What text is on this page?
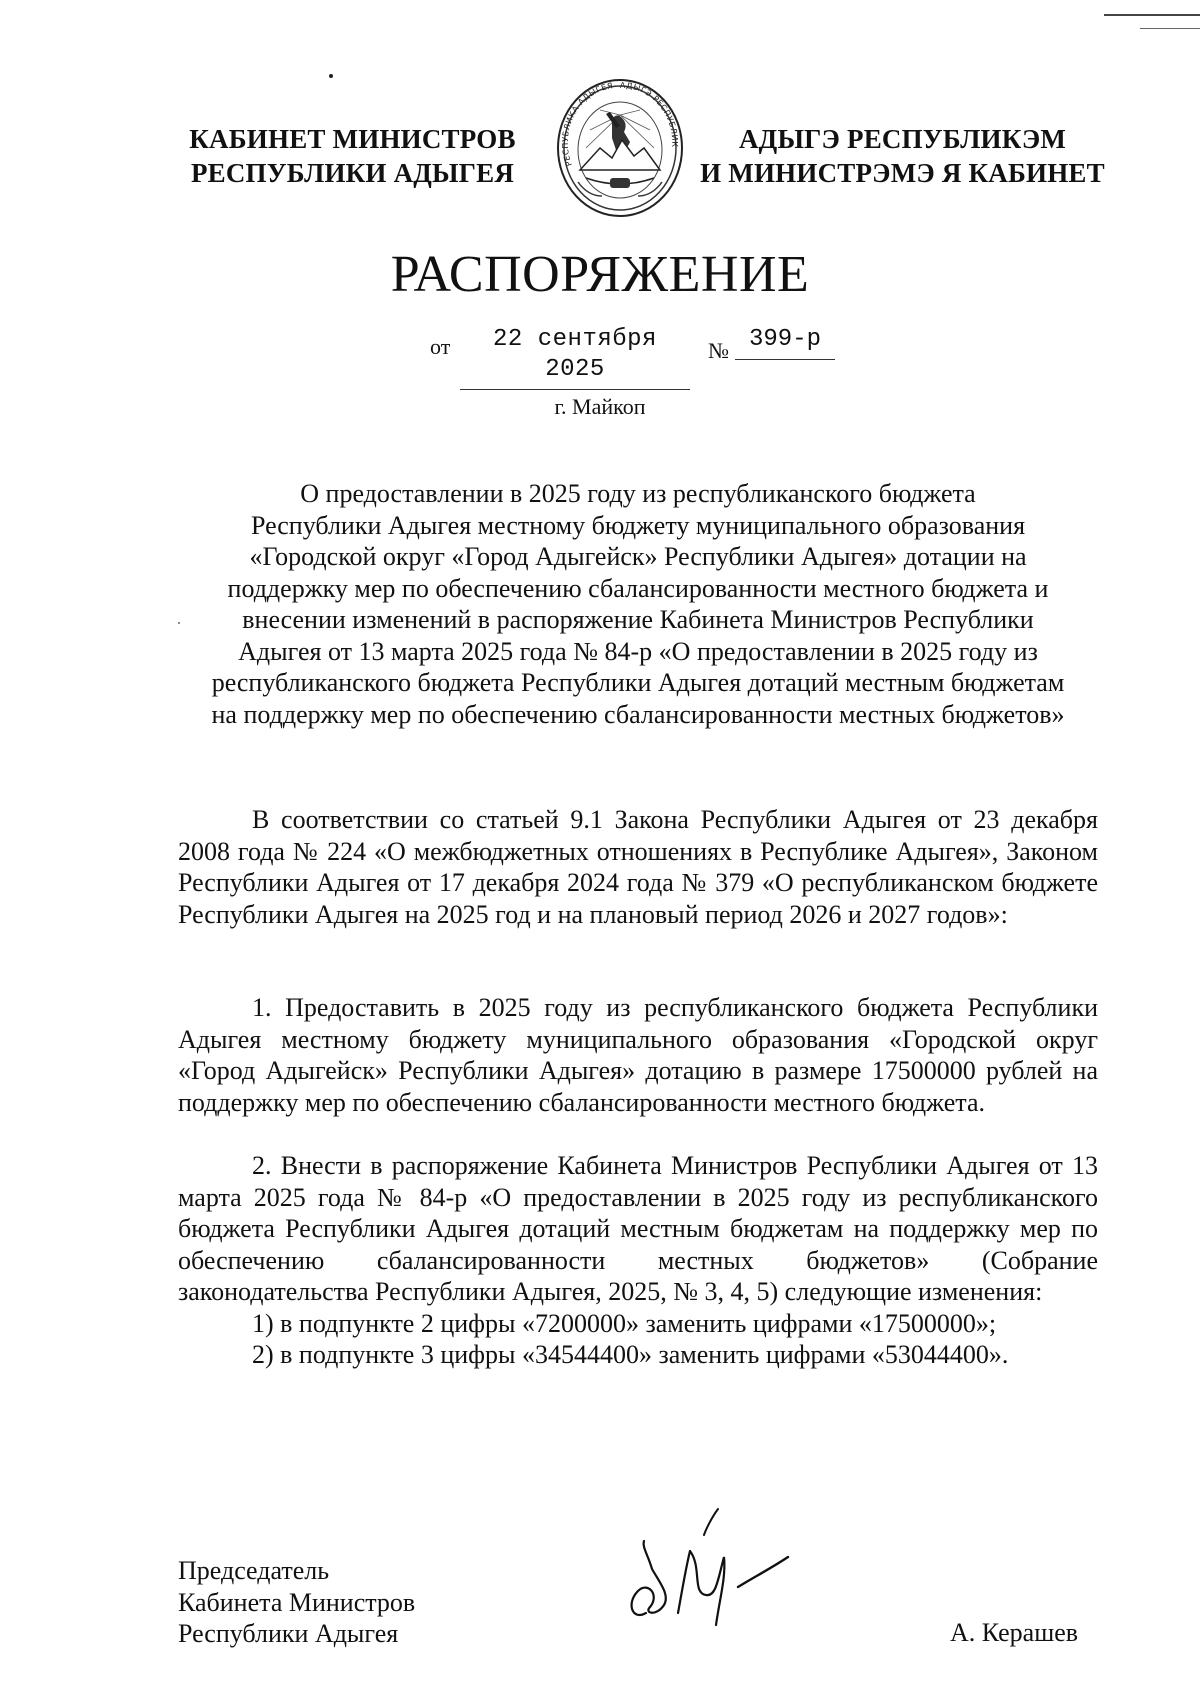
КАБИНЕТ МИНИСТРОВ
РЕСПУБЛИКИ АДЫГЕЯ	РЕСПУБЛИКА АДЫГЕЯ АДЫГЭ РЕСПУБЛИК	АДЫГЭ РЕСПУБЛИКЭМ
И МИНИСТРЭМЭ Я КАБИНЕТ
РАСПОРЯЖЕНИЕ
от	22 сентября 2025
№ 399-р
г. Майкоп
О предоставлении в 2025 году из республиканского бюджета
Республики Адыгея местному бюджету муниципального образования
«Городской округ «Город Адыгейск» Республики Адыгея» дотации на
поддержку мер по обеспечению сбалансированности местного бюджета и
внесении изменений в распоряжение Кабинета Министров Республики
Адыгея от 13 марта 2025 года № 84-р «О предоставлении в 2025 году из
республиканского бюджета Республики Адыгея дотаций местным бюджетам
на поддержку мер по обеспечению сбалансированности местных бюджетов»
В соответствии со статьей 9.1 Закона Республики Адыгея от 23 декабря 2008 года № 224 «О межбюджетных отношениях в Республике Адыгея», Законом Республики Адыгея от 17 декабря 2024 года № 379 «О республиканском бюджете Республики Адыгея на 2025 год и на плановый период 2026 и 2027 годов»:
1. Предоставить в 2025 году из республиканского бюджета Республики Адыгея местному бюджету муниципального образования «Городской округ «Город Адыгейск» Республики Адыгея» дотацию в размере 17500000 рублей на поддержку мер по обеспечению сбалансированности местного бюджета.
2. Внести в распоряжение Кабинета Министров Республики Адыгея от 13 марта 2025 года № 84-р «О предоставлении в 2025 году из республиканского бюджета Республики Адыгея дотаций местным бюджетам на поддержку мер по обеспечению сбалансированности местных бюджетов» (Собрание законодательства Республики Адыгея, 2025, № 3, 4, 5) следующие изменения:
1) в подпункте 2 цифры «7200000» заменить цифрами «17500000»;
2) в подпункте 3 цифры «34544400» заменить цифрами «53044400».
Председатель
Кабинета Министров
Республики Адыгея	А. Керашев
